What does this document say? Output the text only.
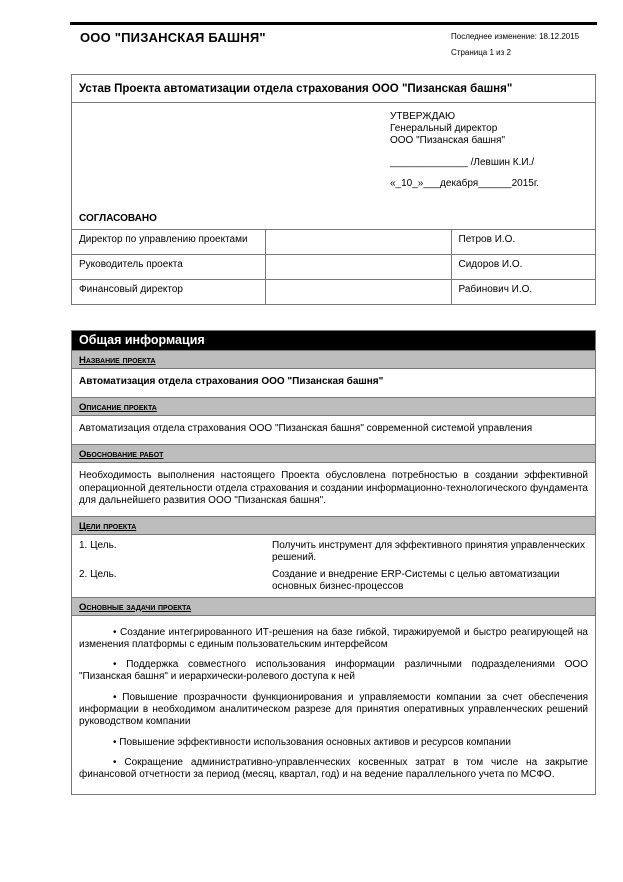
ООО "ПИЗАНСКАЯ БАШНЯ"	Последнее изменение: 18.12.2015
Страница 1 из 2
Устав Проекта автоматизации отдела страхования ООО "Пизанская башня"
УТВЕРЖДАЮ
Генеральный директор
ООО "Пизанская башня"
______________ /Левшин К.И./
«_10_»___декабря______2015г.
СОГЛАСОВАНО
Директор по управлению проектами		Петров И.О.
Руководитель проекта		Сидоров И.О.
Финансовый директор		Рабинович И.О.
Общая информация
Название проекта
Автоматизация отдела страхования ООО "Пизанская башня"
Описание проекта
Автоматизация отдела страхования ООО "Пизанская башня" современной системой управления
Обоснование работ
Необходимость выполнения настоящего Проекта обусловлена потребностью в создании эффективной операционной деятельности отдела страхования и создании информационно-технологического фундамента для дальнейшего развития ООО "Пизанская башня".
Цели проекта
1. Цель.	Получить инструмент для эффективного принятия управленческих решений.
2. Цель.	Создание и внедрение ERP-Системы с целью автоматизации основных бизнес-процессов
Основные задачи проекта
• Создание интегрированного ИТ-решения на базе гибкой, тиражируемой и быстро реагирующей на изменения платформы с единым пользовательским интерфейсом
• Поддержка совместного использования информации различными подразделениями ООО "Пизанская башня" и иерархически-ролевого доступа к ней
• Повышение прозрачности функционирования и управляемости компании за счет обеспечения информации в необходимом аналитическом разрезе для принятия оперативных управленческих решений руководством компании
• Повышение эффективности использования основных активов и ресурсов компании
• Сокращение административно-управленческих косвенных затрат в том числе на закрытие финансовой отчетности за период (месяц, квартал, год) и на ведение параллельного учета по МСФО.
